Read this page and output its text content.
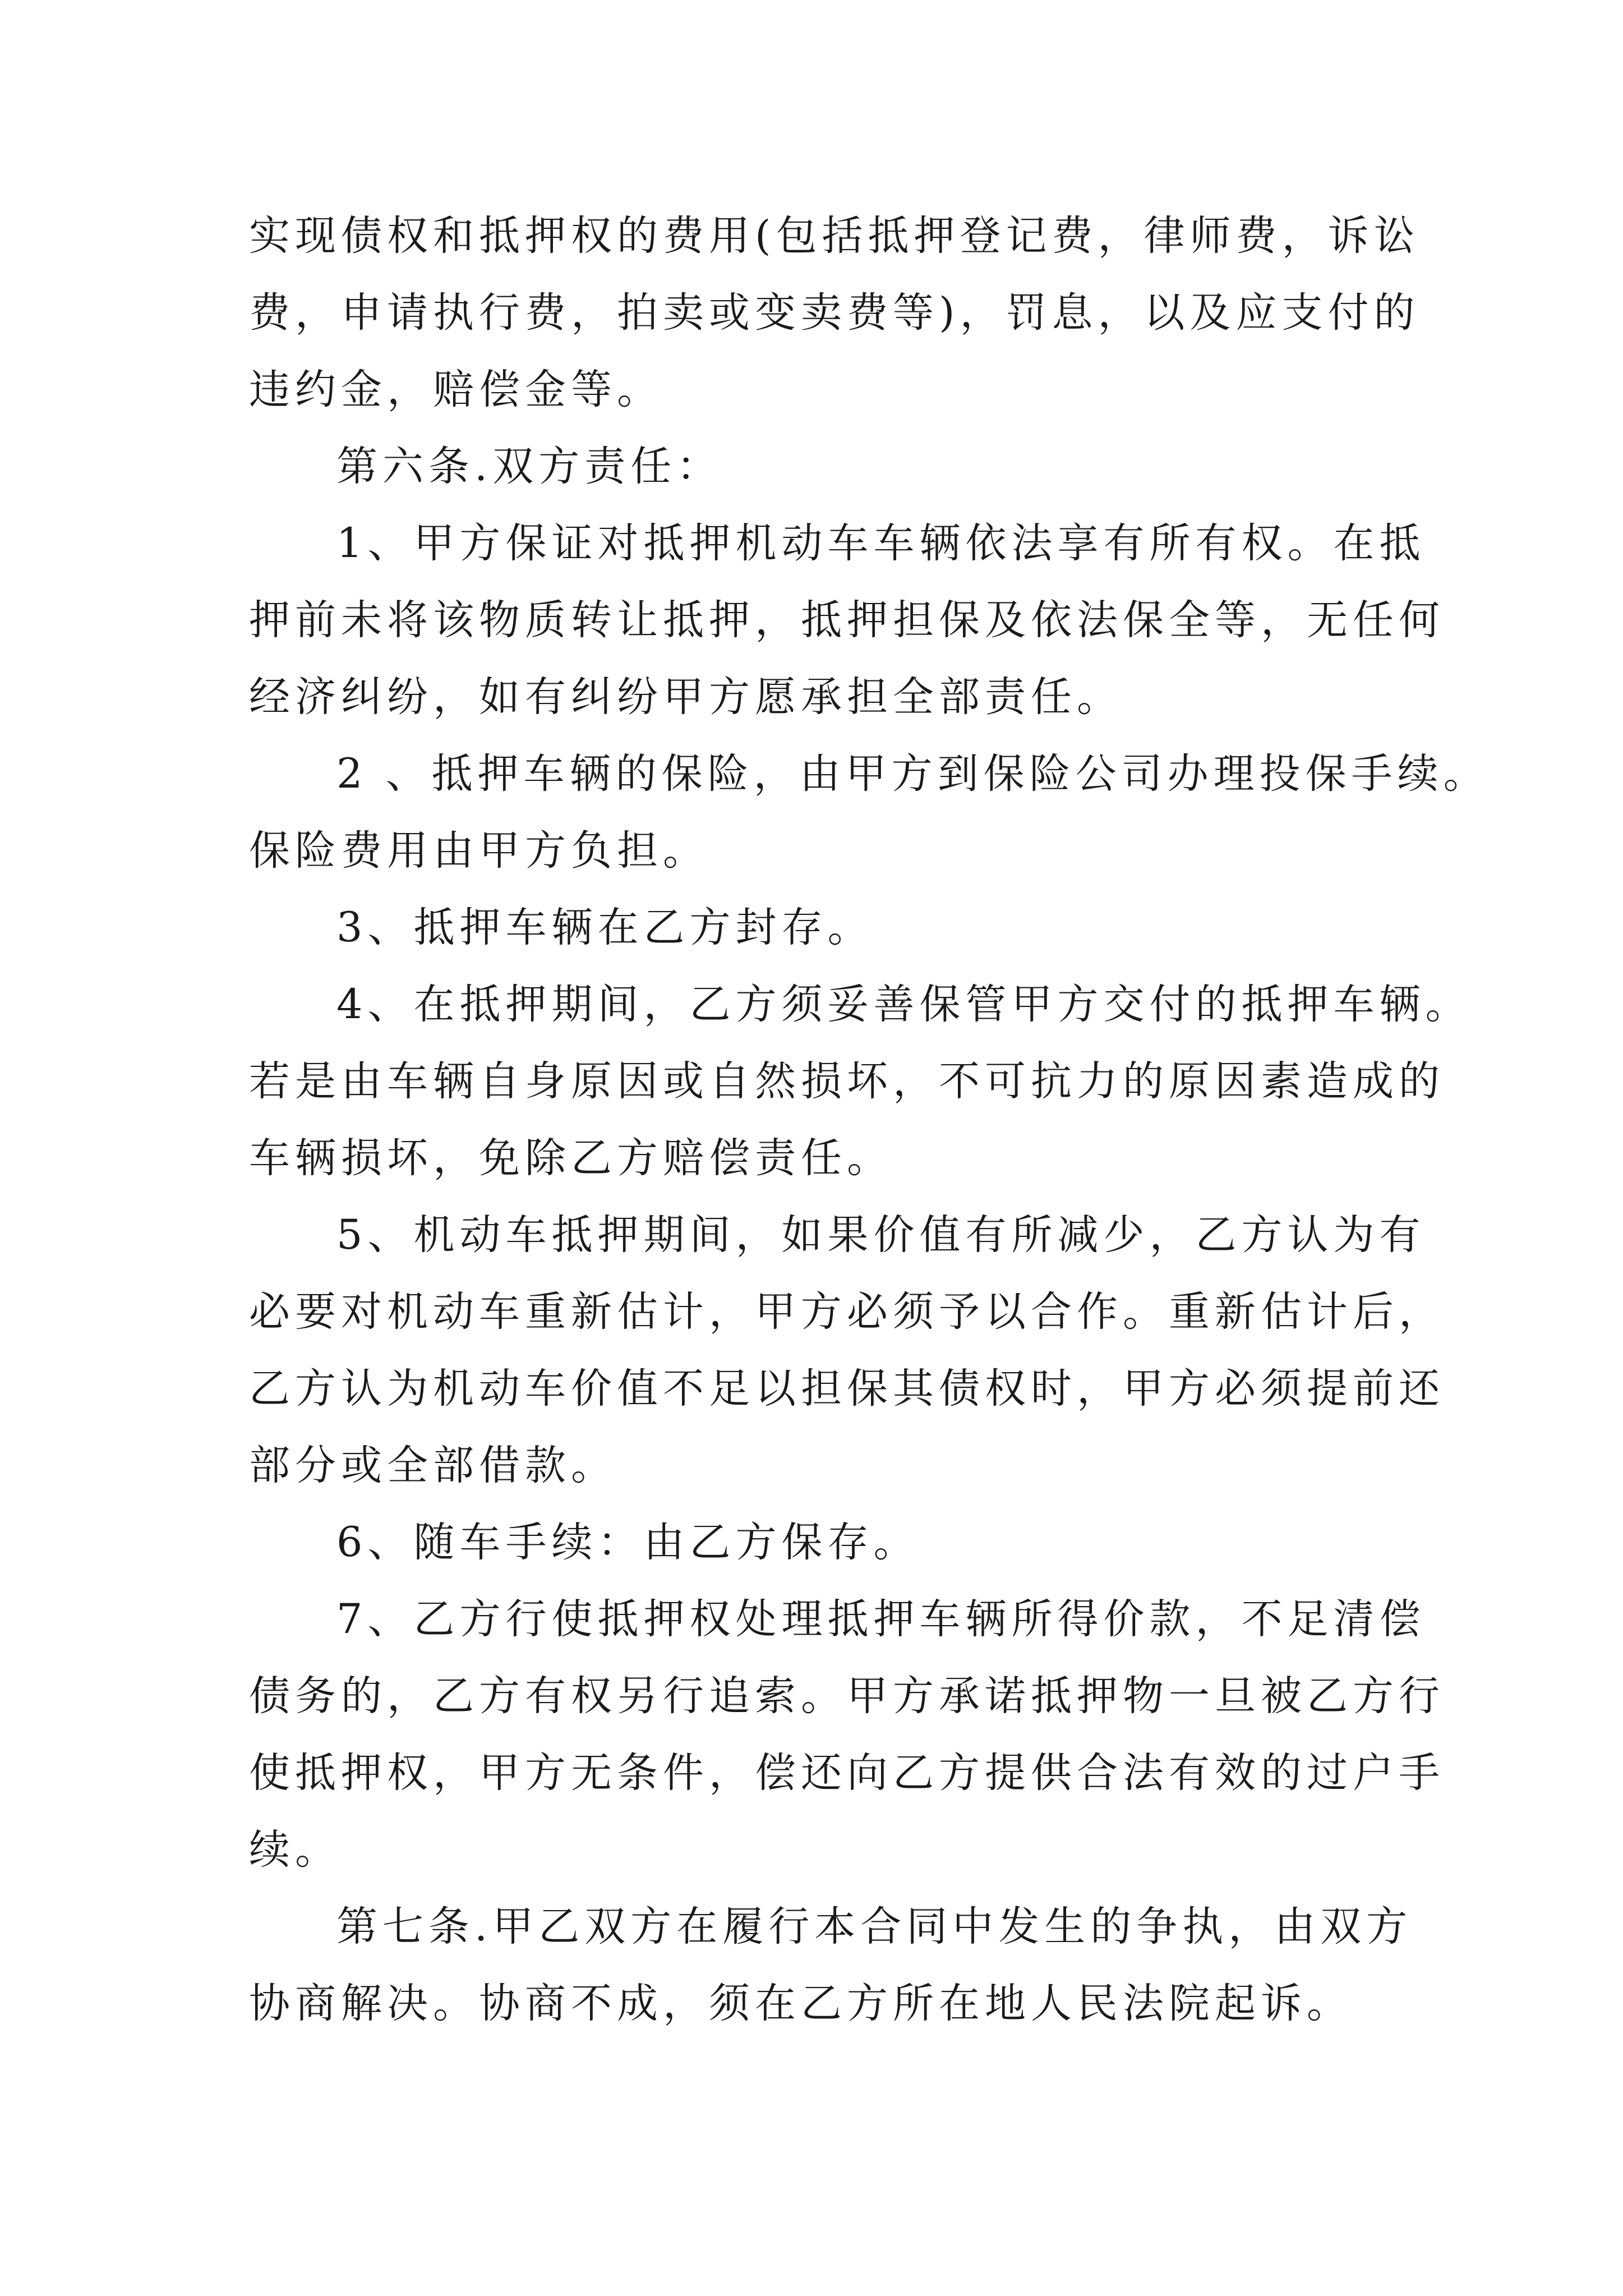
实现债权和抵押权的费用(包括抵押登记费，律师费，诉讼
费，申请执行费，拍卖或变卖费等)，罚息，以及应支付的
违约金，赔偿金等。
第六条.双方责任：
1、甲方保证对抵押机动车车辆依法享有所有权。在抵
押前未将该物质转让抵押，抵押担保及依法保全等，无任何
经济纠纷，如有纠纷甲方愿承担全部责任。
2 、抵押车辆的保险，由甲方到保险公司办理投保手续。
保险费用由甲方负担。
3、抵押车辆在乙方封存。
4、在抵押期间，乙方须妥善保管甲方交付的抵押车辆。
若是由车辆自身原因或自然损坏，不可抗力的原因素造成的
车辆损坏，免除乙方赔偿责任。
5、机动车抵押期间，如果价值有所减少，乙方认为有
必要对机动车重新估计，甲方必须予以合作。重新估计后，
乙方认为机动车价值不足以担保其债权时，甲方必须提前还
部分或全部借款。
6、随车手续：由乙方保存。
7、乙方行使抵押权处理抵押车辆所得价款，不足清偿
债务的，乙方有权另行追索。甲方承诺抵押物一旦被乙方行
使抵押权，甲方无条件，偿还向乙方提供合法有效的过户手
续。
第七条.甲乙双方在履行本合同中发生的争执，由双方
协商解决。协商不成，须在乙方所在地人民法院起诉。
